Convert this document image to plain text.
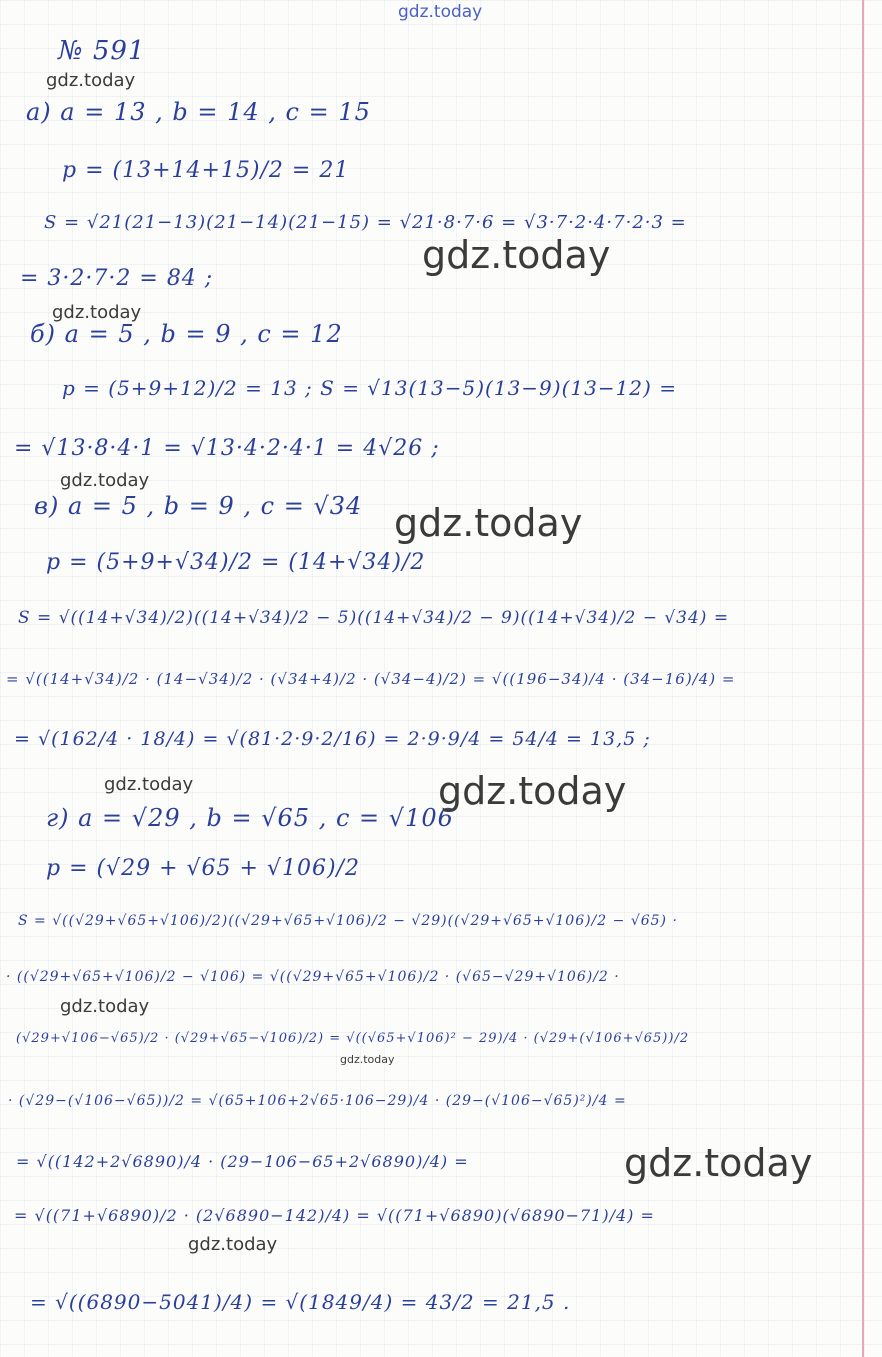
№ 591

а) a = 13 , b = 14 , c = 15

p = (13+14+15)/2 = 21

S = √21(21−13)(21−14)(21−15) = √21·8·7·6 = √3·7·2·4·7·2·3 =

= 3·2·7·2 = 84 ;

б) a = 5 , b = 9 , c = 12

p = (5+9+12)/2 = 13 ; S = √13(13−5)(13−9)(13−12) =

= √13·8·4·1 = √13·4·2·4·1 = 4√26 ;

в) a = 5 , b = 9 , c = √34

p = (5+9+√34)/2 = (14+√34)/2

S = √((14+√34)/2)((14+√34)/2 − 5)((14+√34)/2 − 9)((14+√34)/2 − √34) =

= √((14+√34)/2 · (14−√34)/2 · (√34+4)/2 · (√34−4)/2) = √((196−34)/4 · (34−16)/4) =

= √(162/4 · 18/4) = √(81·2·9·2/16) = 2·9·9/4 = 54/4 = 13,5 ;

г) a = √29 , b = √65 , c = √106

p = (√29 + √65 + √106)/2

S = √((√29+√65+√106)/2)((√29+√65+√106)/2 − √29)((√29+√65+√106)/2 − √65) ·

· ((√29+√65+√106)/2 − √106) = √((√29+√65+√106)/2 · (√65−√29+√106)/2 ·

(√29+√106−√65)/2 · (√29+√65−√106)/2) = √((√65+√106)² − 29)/4 · (√29+(√106+√65))/2

· (√29−(√106−√65))/2 = √(65+106+2√65·106−29)/4 · (29−(√106−√65)²)/4 =

= √((142+2√6890)/4 · (29−106−65+2√6890)/4) =

= √((71+√6890)/2 · (2√6890−142)/4) = √((71+√6890)(√6890−71)/4) =

= √((6890−5041)/4) = √(1849/4) = 43/2 = 21,5 .

gdz.today

gdz.today

gdz.today

gdz.today

gdz.today

gdz.today

gdz.today	gdz.today

gdz.today

gdz.today

gdz.today

gdz.today
